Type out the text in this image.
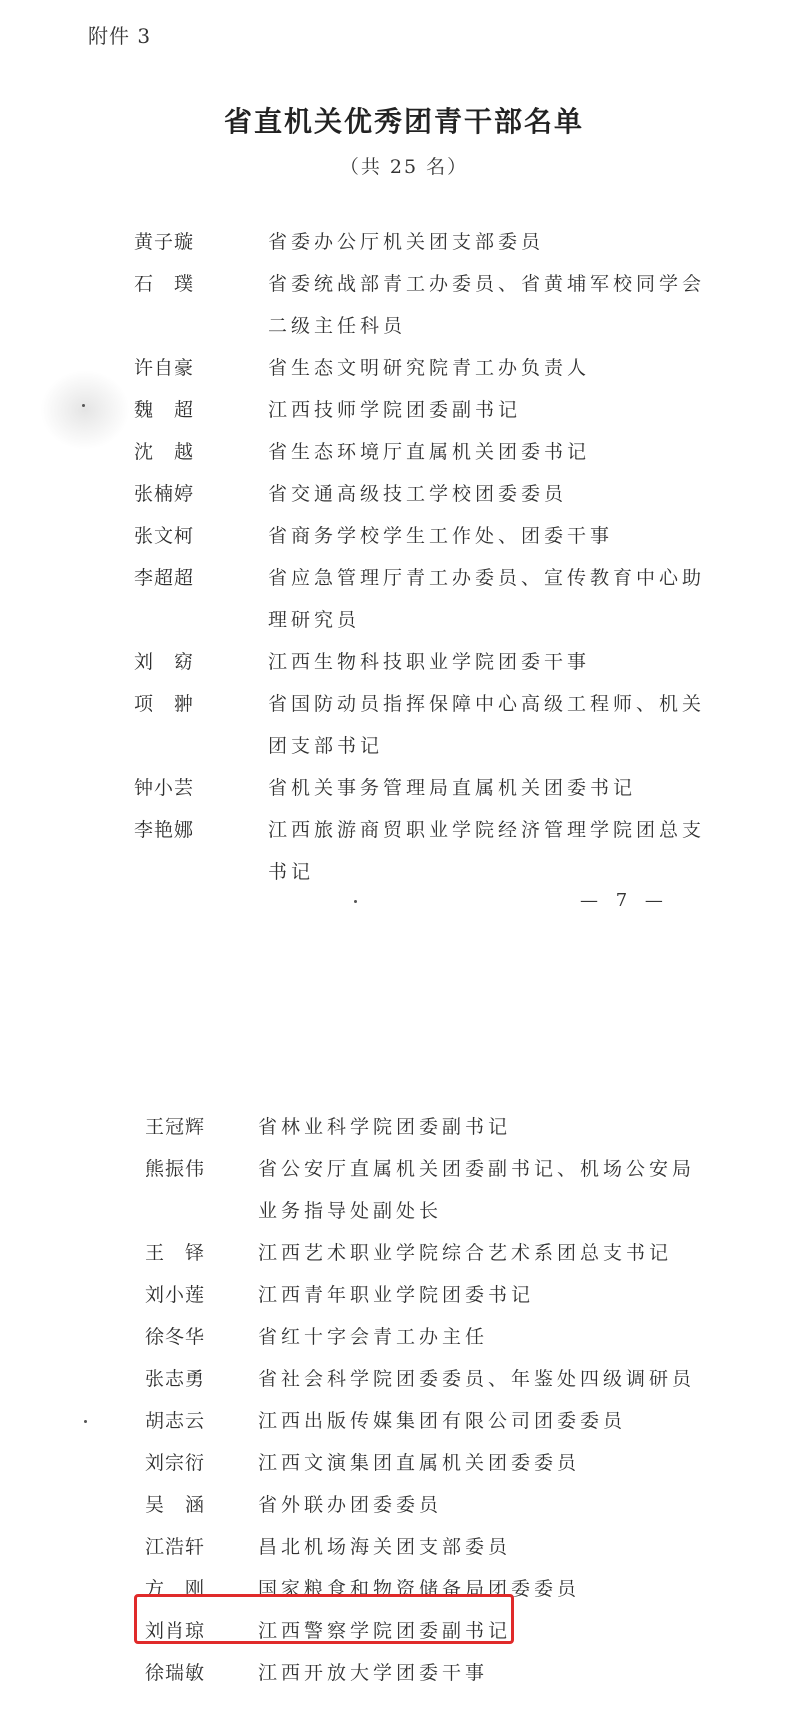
附件 3
省直机关优秀团青干部名单
（共 25 名）
黄子璇	省委办公厅机关团支部委员
石　璞	省委统战部青工办委员、省黄埔军校同学会二级主任科员
许自豪	省生态文明研究院青工办负责人
魏　超	江西技师学院团委副书记
沈　越	省生态环境厅直属机关团委书记
张楠婷	省交通高级技工学校团委委员
张文柯	省商务学校学生工作处、团委干事
李超超	省应急管理厅青工办委员、宣传教育中心助理研究员
刘　窈	江西生物科技职业学院团委干事
项　翀	省国防动员指挥保障中心高级工程师、机关团支部书记
钟小芸	省机关事务管理局直属机关团委书记
李艳娜	江西旅游商贸职业学院经济管理学院团总支书记
— 7 —
王冠辉	省林业科学院团委副书记
熊振伟	省公安厅直属机关团委副书记、机场公安局业务指导处副处长
王　铎	江西艺术职业学院综合艺术系团总支书记
刘小莲	江西青年职业学院团委书记
徐冬华	省红十字会青工办主任
张志勇	省社会科学院团委委员、年鉴处四级调研员
胡志云	江西出版传媒集团有限公司团委委员
刘宗衍	江西文演集团直属机关团委委员
吴　涵	省外联办团委委员
江浩轩	昌北机场海关团支部委员
方　刚	国家粮食和物资储备局团委委员
刘肖琼	江西警察学院团委副书记
徐瑞敏	江西开放大学团委干事
